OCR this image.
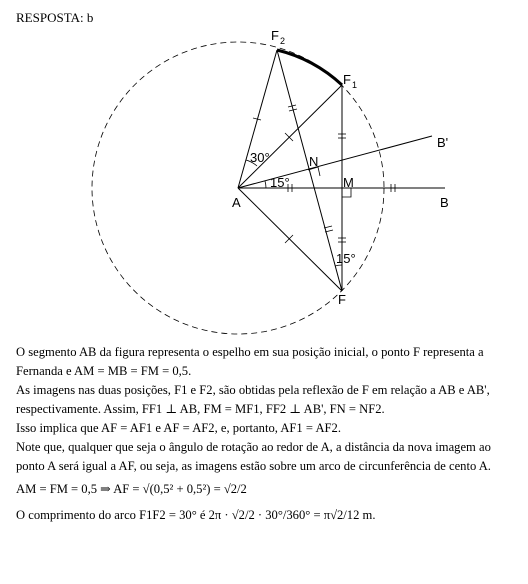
RESPOSTA: b
A	B
B'
M
N
F
F 1
F 2
30°
15°
15°

O segmento AB da figura representa o espelho em sua posição inicial, o ponto F representa a Fernanda e AM = MB = FM = 0,5.

As imagens nas duas posições, F1 e F2, são obtidas pela reflexão de F em relação a AB e AB', respectivamente. Assim, FF1 ⊥ AB, FM = MF1, FF2 ⊥ AB', FN = NF2.

Isso implica que AF = AF1 e AF = AF2, e, portanto, AF1 = AF2.

Note que, qualquer que seja o ângulo de rotação ao redor de A, a distância da nova imagem ao ponto A será igual a AF, ou seja, as imagens estão sobre um arco de circunferência de cento A.

AM = FM = 0,5 ⇒ AF = √(0,5² + 0,5²) = √2/2

O comprimento do arco F1F2 = 30° é 2π · √2/2 · 30°/360° = π√2/12 m.
